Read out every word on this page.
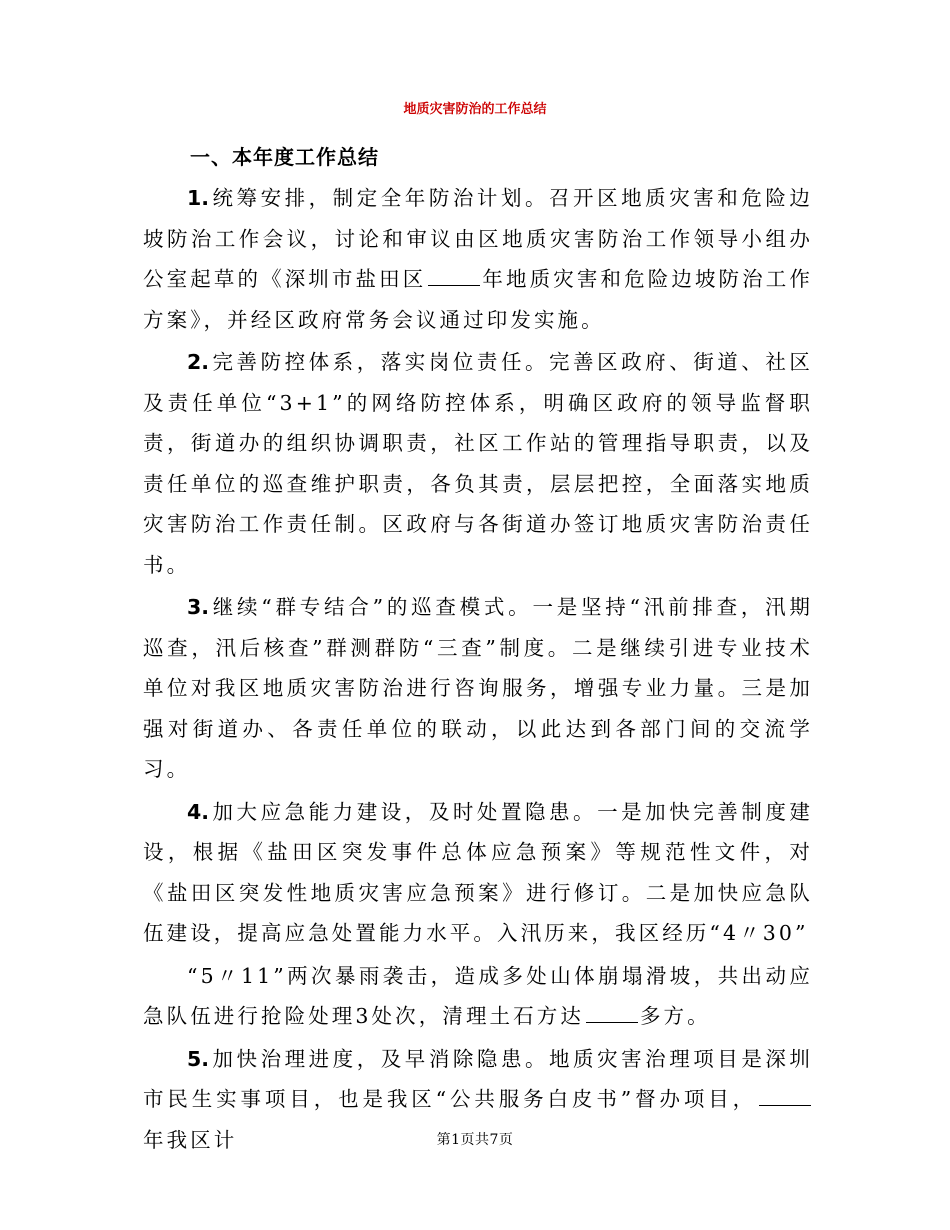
地质灾害防治的工作总结
一、本年度工作总结

1. 统筹安排，制定全年防治计划。召开区地质灾害和危险边坡防治工作会议，讨论和审议由区地质灾害防治工作领导小组办公室起草的《深圳市盐田区	年地质灾害和危险边坡防治工作方案》，并经区政府常务会议通过印发实施。

2. 完善防控体系，落实岗位责任。完善区政府、街道、社区及责任单位“3+1”的网络防控体系，明确区政府的领导监督职责，街道办的组织协调职责，社区工作站的管理指导职责，以及责任单位的巡查维护职责，各负其责，层层把控，全面落实地质灾害防治工作责任制。区政府与各街道办签订地质灾害防治责任书。

3. 继续“群专结合”的巡查模式。一是坚持“汛前排查，汛期巡查，汛后核查”群测群防“三查”制度。二是继续引进专业技术单位对我区地质灾害防治进行咨询服务，增强专业力量。三是加强对街道办、各责任单位的联动，以此达到各部门间的交流学习。

4. 加大应急能力建设，及时处置隐患。一是加快完善制度建设，根据《盐田区突发事件总体应急预案》等规范性文件，对《盐田区突发性地质灾害应急预案》进行修订。二是加快应急队伍建设，提高应急处置能力水平。入汛历来，我区经历“4〃30”

“5〃11”两次暴雨袭击，造成多处山体崩塌滑坡，共出动应急队伍进行抢险处理3处次，清理土石方达	多方。

5. 加快治理进度，及早消除隐患。地质灾害治理项目是深圳市民生实事项目，也是我区“公共服务白皮书”督办项目，年我区计	第1页共7页
